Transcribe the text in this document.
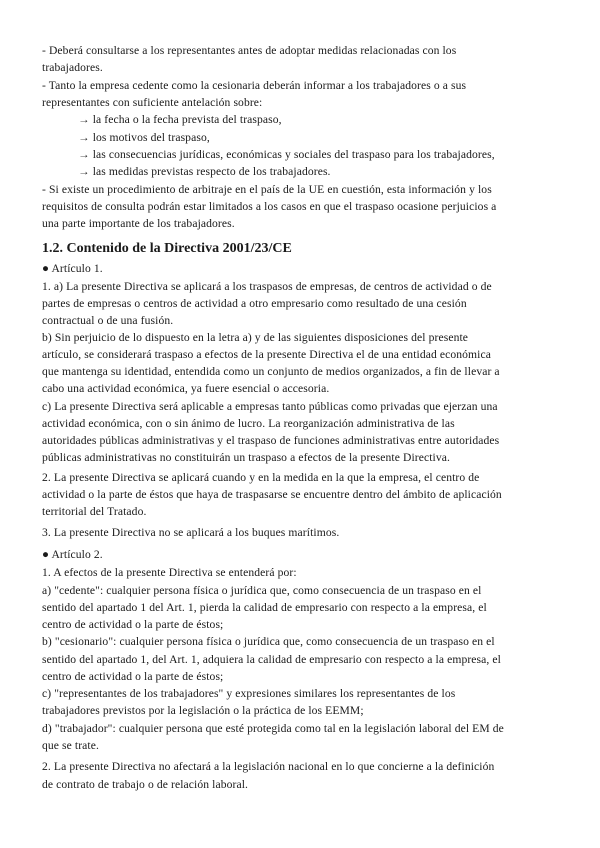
- Deberá consultarse a los representantes antes de adoptar medidas relacionadas con los
trabajadores.
- Tanto la empresa cedente como la cesionaria deberán informar a los trabajadores o a sus
representantes con suficiente antelación sobre:
→ la fecha o la fecha prevista del traspaso,
→ los motivos del traspaso,
→ las consecuencias jurídicas, económicas y sociales del traspaso para los trabajadores,
→ las medidas previstas respecto de los trabajadores.
- Si existe un procedimiento de arbitraje en el país de la UE en cuestión, esta información y los
requisitos de consulta podrán estar limitados a los casos en que el traspaso ocasione perjuicios a
una parte importante de los trabajadores.
1.2. Contenido de la Directiva 2001/23/CE
● Artículo 1.
1. a) La presente Directiva se aplicará a los traspasos de empresas, de centros de actividad o de
partes de empresas o centros de actividad a otro empresario como resultado de una cesión
contractual o de una fusión.
b) Sin perjuicio de lo dispuesto en la letra a) y de las siguientes disposiciones del presente
artículo, se considerará traspaso a efectos de la presente Directiva el de una entidad económica
que mantenga su identidad, entendida como un conjunto de medios organizados, a fin de llevar a
cabo una actividad económica, ya fuere esencial o accesoria.
c) La presente Directiva será aplicable a empresas tanto públicas como privadas que ejerzan una
actividad económica, con o sin ánimo de lucro. La reorganización administrativa de las
autoridades públicas administrativas y el traspaso de funciones administrativas entre autoridades
públicas administrativas no constituirán un traspaso a efectos de la presente Directiva.
2. La presente Directiva se aplicará cuando y en la medida en la que la empresa, el centro de
actividad o la parte de éstos que haya de traspasarse se encuentre dentro del ámbito de aplicación
territorial del Tratado.
3. La presente Directiva no se aplicará a los buques marítimos.
● Artículo 2.
1. A efectos de la presente Directiva se entenderá por:
a) "cedente": cualquier persona física o jurídica que, como consecuencia de un traspaso en el
sentido del apartado 1 del Art. 1, pierda la calidad de empresario con respecto a la empresa, el
centro de actividad o la parte de éstos;
b) "cesionario": cualquier persona física o jurídica que, como consecuencia de un traspaso en el
sentido del apartado 1, del Art. 1, adquiera la calidad de empresario con respecto a la empresa, el
centro de actividad o la parte de éstos;
c) "representantes de los trabajadores" y expresiones similares los representantes de los
trabajadores previstos por la legislación o la práctica de los EEMM;
d) "trabajador": cualquier persona que esté protegida como tal en la legislación laboral del EM de
que se trate.
2. La presente Directiva no afectará a la legislación nacional en lo que concierne a la definición
de contrato de trabajo o de relación laboral.
